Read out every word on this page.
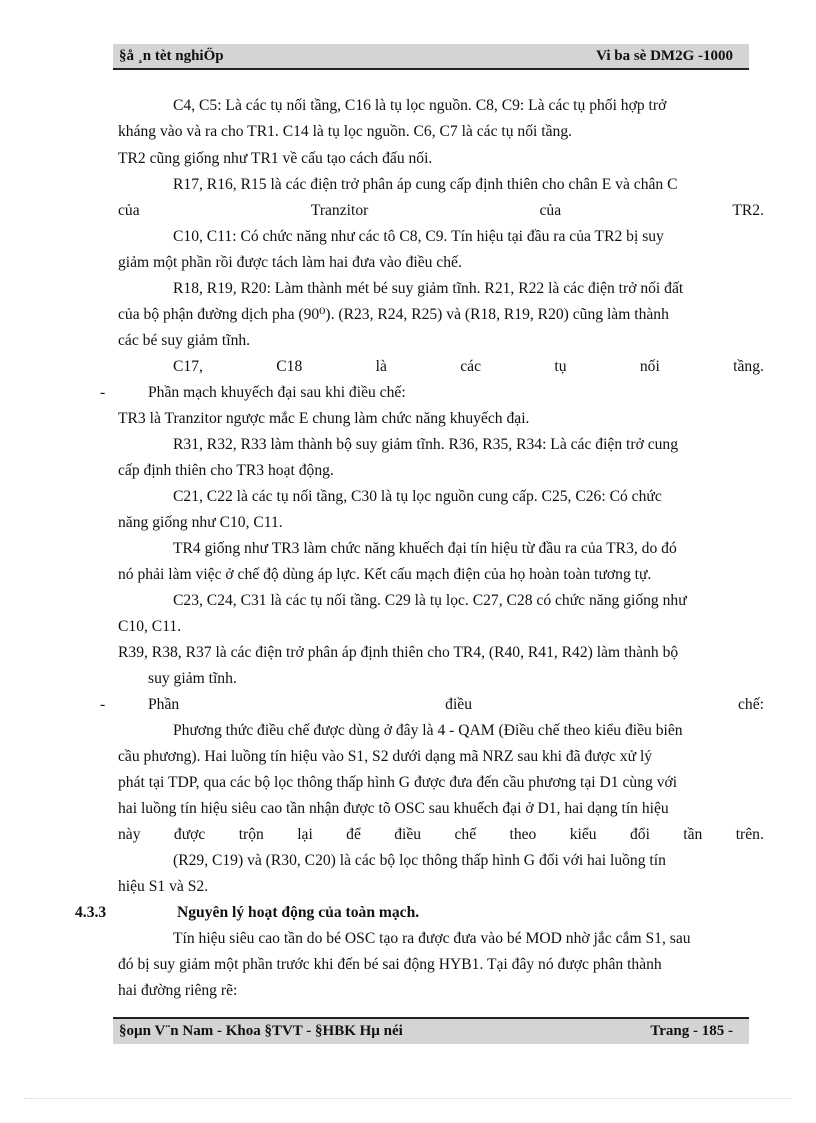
§å ¸n tèt nghiÖp	Vi ba sè DM2G -1000
C4, C5: Là các tụ nối tầng, C16 là tụ lọc nguồn. C8, C9: Là các tụ phối hợp trở
kháng vào và ra cho TR1. C14 là tụ lọc nguồn. C6, C7 là các tụ nối tầng.
TR2 cũng giống như TR1 về cấu tạo cách đấu nối.
R17, R16, R15 là các điện trở phân áp cung cấp định thiên cho chân E và chân C
của	Tranzitor	của	TR2.
C10, C11: Có chức năng như các tô C8, C9. Tín hiệu tại đầu ra của TR2 bị suy
giảm một phần rồi được tách làm hai đưa vào điều chế.
R18, R19, R20: Làm thành mét bé suy giảm tĩnh. R21, R22 là các điện trở nối đất
của bộ phận đường dịch pha (90⁰). (R23, R24, R25) và (R18, R19, R20) cũng làm thành
các bé suy giảm tĩnh.
C17,	C18	là	các	tụ	nối	tầng.
-	Phần mạch khuyếch đại sau khi điều chế:
TR3 là Tranzitor ngược mắc E chung làm chức năng khuyếch đại.
R31, R32, R33 làm thành bộ suy giảm tĩnh. R36, R35, R34: Là các điện trở cung
cấp định thiên cho TR3 hoạt động.
C21, C22 là các tụ nối tầng, C30 là tụ lọc nguồn cung cấp. C25, C26: Có chức
năng giống như C10, C11.
TR4 giống như TR3 làm chức năng khuếch đại tín hiệu từ đầu ra của TR3, do đó
nó phải làm việc ở chế độ dùng áp lực. Kết cấu mạch điện của họ hoàn toàn tương tự.
C23, C24, C31 là các tụ nối tầng. C29 là tụ lọc. C27, C28 có chức năng giống như
C10, C11.
R39, R38, R37 là các điện trở phân áp định thiên cho TR4, (R40, R41, R42) làm thành bộ
suy giảm tĩnh.
-	Phần	điều	chế:
Phương thức điều chế được dùng ở đây là 4 - QAM (Điều chế theo kiểu điều biên
cầu phương). Hai luồng tín hiệu vào S1, S2 dưới dạng mã NRZ sau khi đã được xử lý
phát tại TDP, qua các bộ lọc thông thấp hình G được đưa đến cầu phương tại D1 cùng với
hai luồng tín hiệu siêu cao tần nhận được tõ OSC sau khuếch đại ở D1, hai dạng tín hiệu
này được trộn lại để điều chế theo kiểu đổi tần trên.
(R29, C19) và (R30, C20) là các bộ lọc thông thấp hình G đối với hai luồng tín
hiệu S1 và S2.
4.3.3	Nguyên lý hoạt động của toàn mạch.
Tín hiệu siêu cao tần do bé OSC tạo ra được đưa vào bé MOD nhờ jắc cắm S1, sau
đó bị suy giảm một phần trước khi đến bé sai động HYB1. Tại đây nó được phân thành
hai đường riêng rẽ:
§oµn V¨n Nam - Khoa §TVT - §HBK Hµ néi	Trang - 185 -
